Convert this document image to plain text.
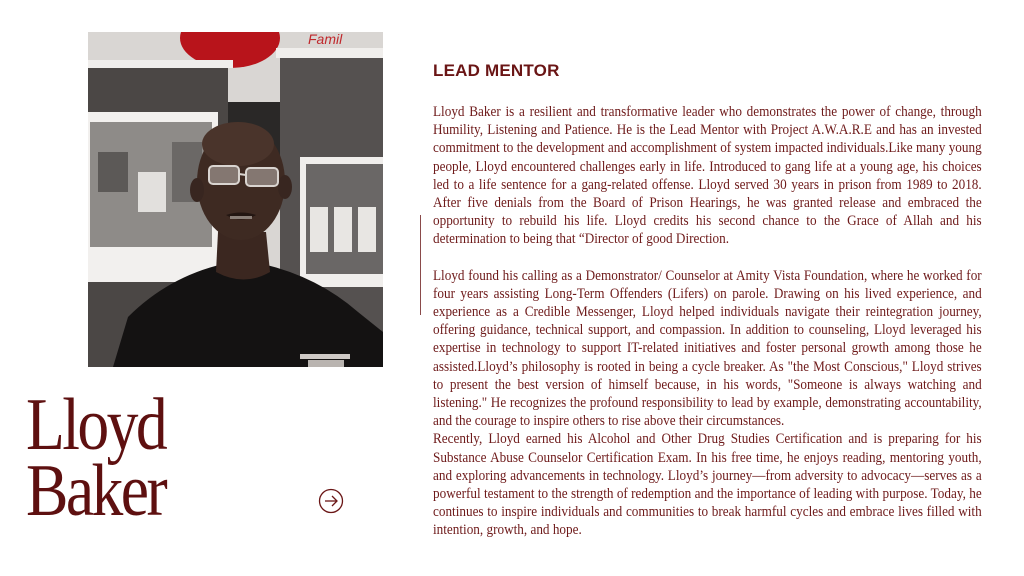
Famil
Lloyd
Baker
LEAD MENTOR

Lloyd Baker is a resilient and transformative leader who demonstrates the power of change, through Humility, Listening and Patience. He is the Lead Mentor with Project A.W.A.R.E and has an invested commitment to the development and accomplishment of system impacted individuals.Like many young people, Lloyd encountered challenges early in life. Introduced to gang life at a young age, his choices led to a life sentence for a gang-related offense. Lloyd served 30 years in prison from 1989 to 2018. After five denials from the Board of Prison Hearings, he was granted release and embraced the opportunity to rebuild his life. Lloyd credits his second chance to the Grace of Allah and his determination to being that “Director of good Direction.

Lloyd found his calling as a Demonstrator/ Counselor at Amity Vista Foundation, where he worked for four years assisting Long-Term Offenders (Lifers) on parole. Drawing on his lived experience, and experience as a Credible Messenger, Lloyd helped individuals navigate their reintegration journey, offering guidance, technical support, and compassion. In addition to counseling, Lloyd leveraged his expertise in technology to support IT-related initiatives and foster personal growth among those he assisted.Lloyd’s philosophy is rooted in being a cycle breaker. As "the Most Conscious," Lloyd strives to present the best version of himself because, in his words, "Someone is always watching and listening." He recognizes the profound responsibility to lead by example, demonstrating accountability, and the courage to inspire others to rise above their circumstances.

Recently, Lloyd earned his Alcohol and Other Drug Studies Certification and is preparing for his Substance Abuse Counselor Certification Exam. In his free time, he enjoys reading, mentoring youth, and exploring advancements in technology. Lloyd’s journey—from adversity to advocacy—serves as a powerful testament to the strength of redemption and the importance of leading with purpose. Today, he continues to inspire individuals and communities to break harmful cycles and embrace lives filled with intention, growth, and hope.
